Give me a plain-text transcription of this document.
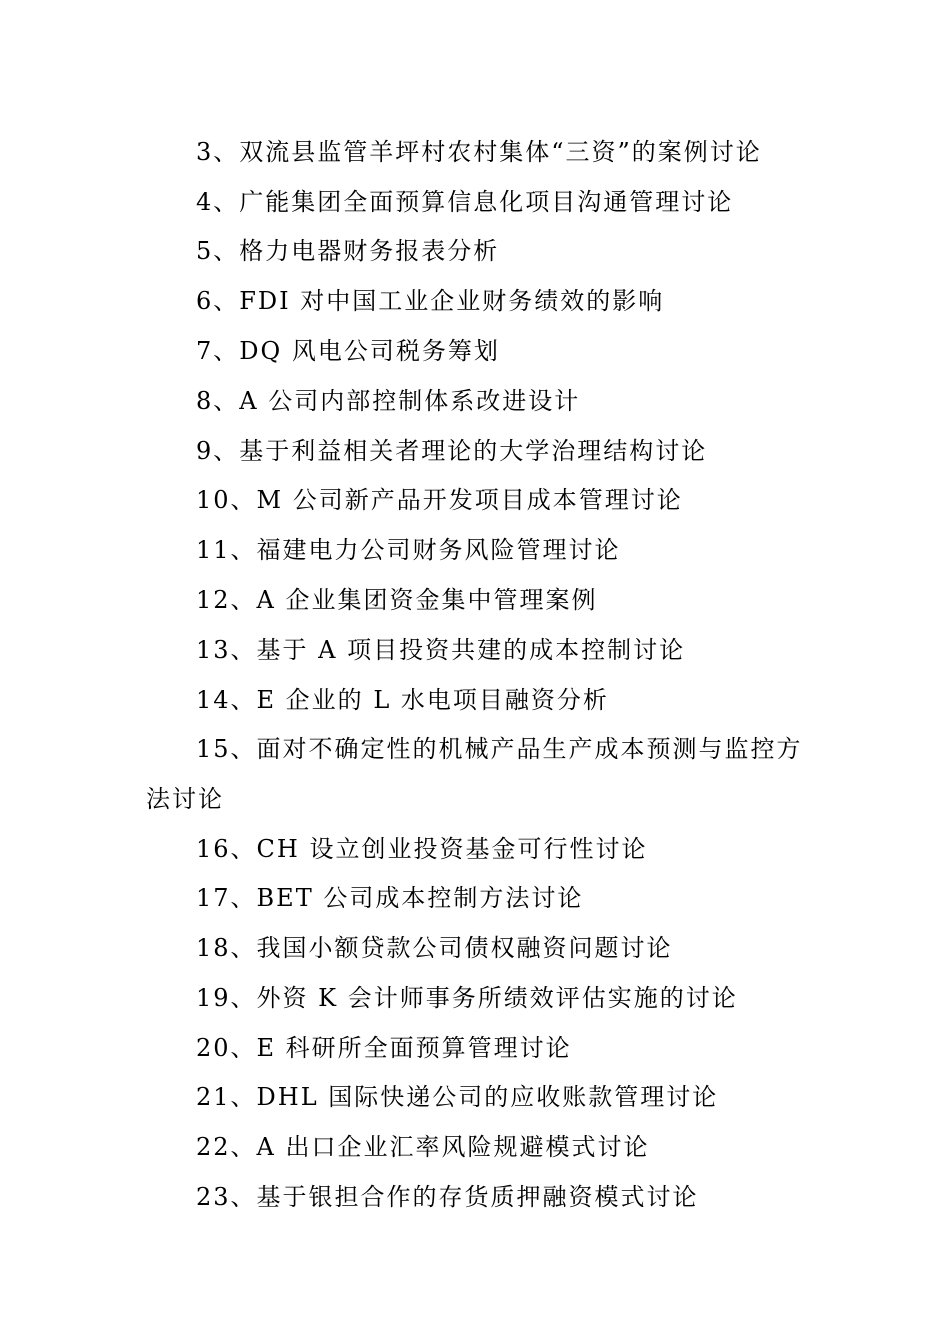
3、双流县监管羊坪村农村集体“三资”的案例讨论
4、广能集团全面预算信息化项目沟通管理讨论
5、格力电器财务报表分析
6、FDI 对中国工业企业财务绩效的影响
7、DQ 风电公司税务筹划
8、A 公司内部控制体系改进设计
9、基于利益相关者理论的大学治理结构讨论
10、M 公司新产品开发项目成本管理讨论
11、福建电力公司财务风险管理讨论
12、A 企业集团资金集中管理案例
13、基于 A 项目投资共建的成本控制讨论
14、E 企业的 L 水电项目融资分析
15、面对不确定性的机械产品生产成本预测与监控方
法讨论
16、CH 设立创业投资基金可行性讨论
17、BET 公司成本控制方法讨论
18、我国小额贷款公司债权融资问题讨论
19、外资 K 会计师事务所绩效评估实施的讨论
20、E 科研所全面预算管理讨论
21、DHL 国际快递公司的应收账款管理讨论
22、A 出口企业汇率风险规避模式讨论
23、基于银担合作的存货质押融资模式讨论
